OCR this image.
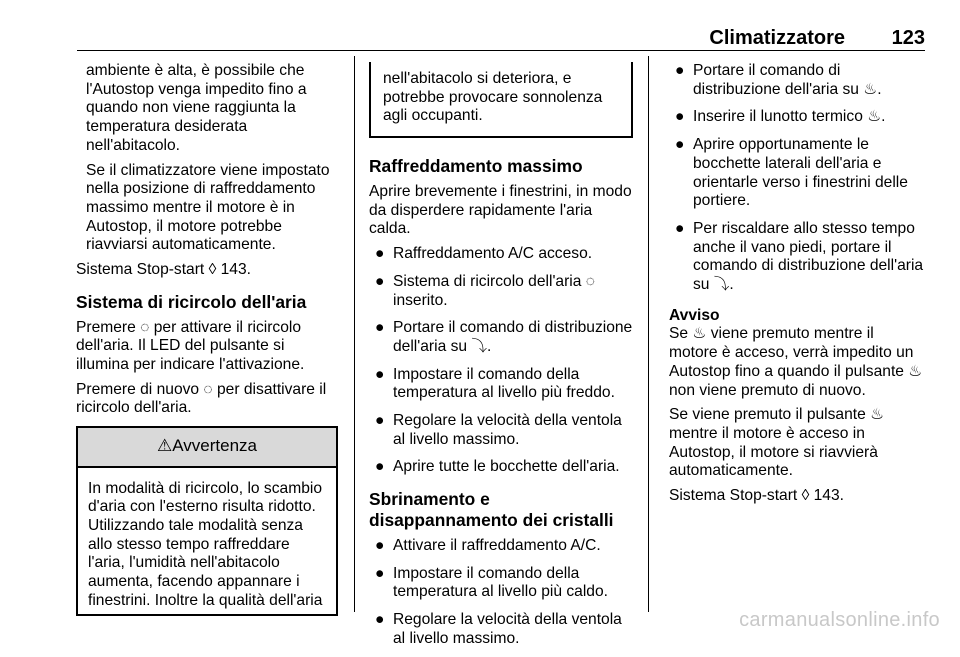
Climatizzatore 123

ambiente è alta, è possibile che l'Autostop venga impedito fino a quando non viene raggiunta la temperatura desiderata nell'abitacolo.

Se il climatizzatore viene impostato nella posizione di raffreddamento massimo mentre il motore è in Autostop, il motore potrebbe riavviarsi automaticamente.

Sistema Stop-start ◊ 143.

Sistema di ricircolo dell'aria

Premere ◌ per attivare il ricircolo dell'aria. Il LED del pulsante si illumina per indicare l'attivazione.

Premere di nuovo ◌ per disattivare il ricircolo dell'aria.

⚠Avvertenza
In modalità di ricircolo, lo scambio d'aria con l'esterno risulta ridotto. Utilizzando tale modalità senza allo stesso tempo raffreddare l'aria, l'umidità nell'abitacolo aumenta, facendo appannare i finestrini. Inoltre la qualità dell'aria
nell'abitacolo si deteriora, e potrebbe provocare sonnolenza agli occupanti.
Raffreddamento massimo

Aprire brevemente i finestrini, in modo da disperdere rapidamente l'aria calda.

● Raffreddamento A/C acceso.
● Sistema di ricircolo dell'aria ◌ inserito.
● Portare il comando di distribuzione dell'aria su ⤵.
● Impostare il comando della temperatura al livello più freddo.
● Regolare la velocità della ventola al livello massimo.
● Aprire tutte le bocchette dell'aria.
Sbrinamento e disappannamento dei cristalli
● Attivare il raffreddamento A/C.
● Impostare il comando della temperatura al livello più caldo.
● Regolare la velocità della ventola al livello massimo.
● Portare il comando di distribuzione dell'aria su ♨.
● Inserire il lunotto termico ♨.
● Aprire opportunamente le bocchette laterali dell'aria e orientarle verso i finestrini delle portiere.
● Per riscaldare allo stesso tempo anche il vano piedi, portare il comando di distribuzione dell'aria su ⤵.

Avviso

Se ♨ viene premuto mentre il motore è acceso, verrà impedito un Autostop fino a quando il pulsante ♨ non viene premuto di nuovo.

Se viene premuto il pulsante ♨ mentre il motore è acceso in Autostop, il motore si riavvierà automaticamente.

Sistema Stop-start ◊ 143.

carmanualsonline.info
